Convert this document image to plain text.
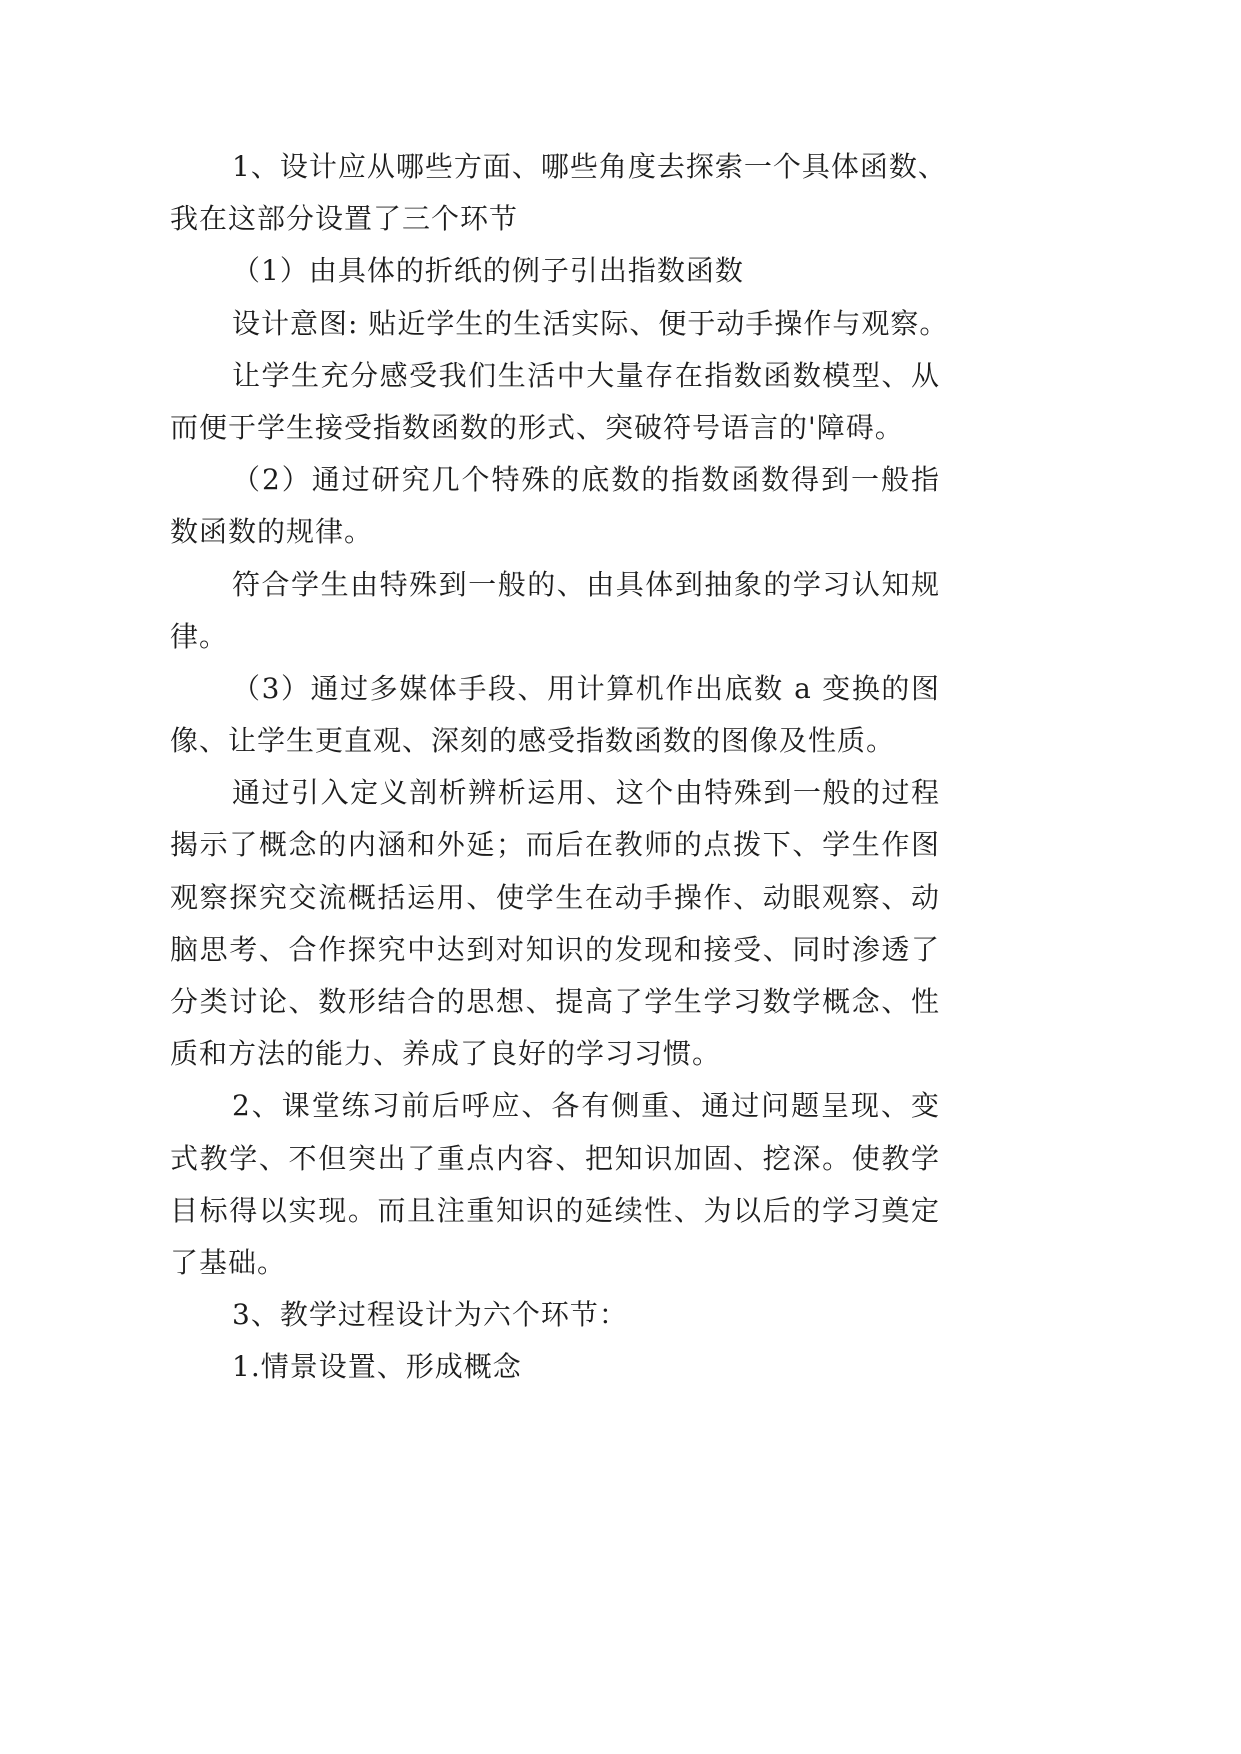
1、设计应从哪些方面、哪些角度去探索一个具体函数、
我在这部分设置了三个环节
（1）由具体的折纸的例子引出指数函数
设计意图: 贴近学生的生活实际、便于动手操作与观察。
让学生充分感受我们生活中大量存在指数函数模型、从
而便于学生接受指数函数的形式、突破符号语言的'障碍。
（2）通过研究几个特殊的底数的指数函数得到一般指
数函数的规律。
符合学生由特殊到一般的、由具体到抽象的学习认知规
律。
（3）通过多媒体手段、用计算机作出底数 a 变换的图
像、让学生更直观、深刻的感受指数函数的图像及性质。
通过引入定义剖析辨析运用、这个由特殊到一般的过程
揭示了概念的内涵和外延；而后在教师的点拨下、学生作图
观察探究交流概括运用、使学生在动手操作、动眼观察、动
脑思考、合作探究中达到对知识的发现和接受、同时渗透了
分类讨论、数形结合的思想、提高了学生学习数学概念、性
质和方法的能力、养成了良好的学习习惯。
2、课堂练习前后呼应、各有侧重、通过问题呈现、变
式教学、不但突出了重点内容、把知识加固、挖深。使教学
目标得以实现。而且注重知识的延续性、为以后的学习奠定
了基础。
3、教学过程设计为六个环节：
1.情景设置、形成概念
